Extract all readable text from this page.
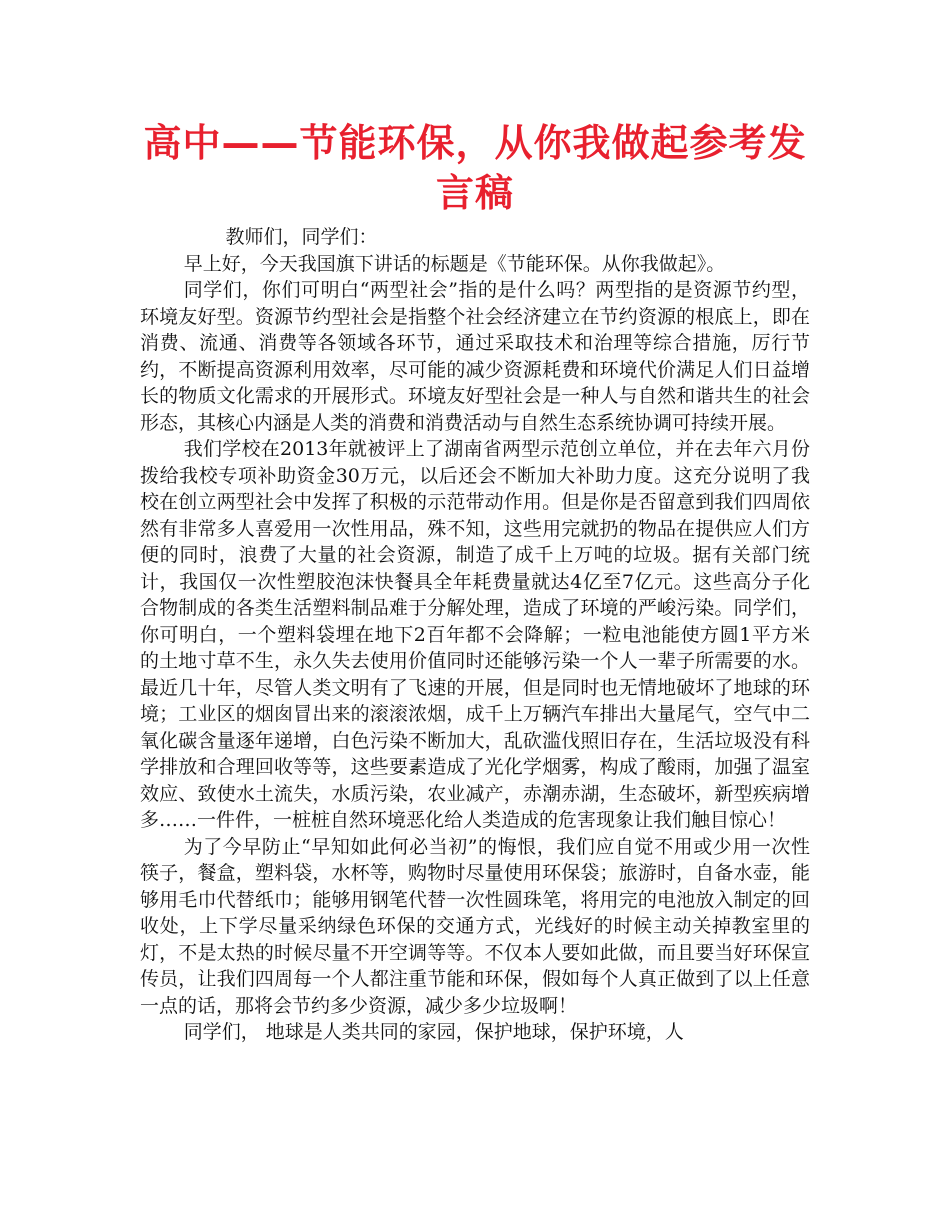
高中——节能环保，从你我做起参考发言稿

教师们，同学们：

早上好，今天我国旗下讲话的标题是《节能环保。从你我做起》。

同学们，你们可明白“两型社会”指的是什么吗？两型指的是资源节约型，环境友好型。资源节约型社会是指整个社会经济建立在节约资源的根底上，即在消费、流通、消费等各领域各环节，通过采取技术和治理等综合措施，厉行节约，不断提高资源利用效率，尽可能的减少资源耗费和环境代价满足人们日益增长的物质文化需求的开展形式。环境友好型社会是一种人与自然和谐共生的社会形态，其核心内涵是人类的消费和消费活动与自然生态系统协调可持续开展。

我们学校在2013年就被评上了湖南省两型示范创立单位，并在去年六月份拨给我校专项补助资金30万元，以后还会不断加大补助力度。这充分说明了我校在创立两型社会中发挥了积极的示范带动作用。但是你是否留意到我们四周依然有非常多人喜爱用一次性用品，殊不知，这些用完就扔的物品在提供应人们方便的同时，浪费了大量的社会资源，制造了成千上万吨的垃圾。据有关部门统计，我国仅一次性塑胶泡沫快餐具全年耗费量就达4亿至7亿元。这些高分子化合物制成的各类生活塑料制品难于分解处理，造成了环境的严峻污染。同学们，你可明白，一个塑料袋埋在地下2百年都不会降解；一粒电池能使方圆1平方米的土地寸草不生，永久失去使用价值同时还能够污染一个人一辈子所需要的水。最近几十年，尽管人类文明有了飞速的开展，但是同时也无情地破坏了地球的环境；工业区的烟囱冒出来的滚滚浓烟，成千上万辆汽车排出大量尾气，空气中二氧化碳含量逐年递增，白色污染不断加大，乱砍滥伐照旧存在，生活垃圾没有科学排放和合理回收等等，这些要素造成了光化学烟雾，构成了酸雨，加强了温室效应、致使水土流失，水质污染，农业减产，赤潮赤湖，生态破坏，新型疾病增多……一件件，一桩桩自然环境恶化给人类造成的危害现象让我们触目惊心！

为了今早防止“早知如此何必当初”的悔恨，我们应自觉不用或少用一次性筷子，餐盒，塑料袋，水杯等，购物时尽量使用环保袋；旅游时，自备水壶，能够用毛巾代替纸巾；能够用钢笔代替一次性圆珠笔，将用完的电池放入制定的回收处，上下学尽量采纳绿色环保的交通方式，光线好的时候主动关掉教室里的灯，不是太热的时候尽量不开空调等等。不仅本人要如此做，而且要当好环保宣传员，让我们四周每一个人都注重节能和环保，假如每个人真正做到了以上任意一点的话，那将会节约多少资源，减少多少垃圾啊！

同学们， 地球是人类共同的家园，保护地球，保护环境，人
